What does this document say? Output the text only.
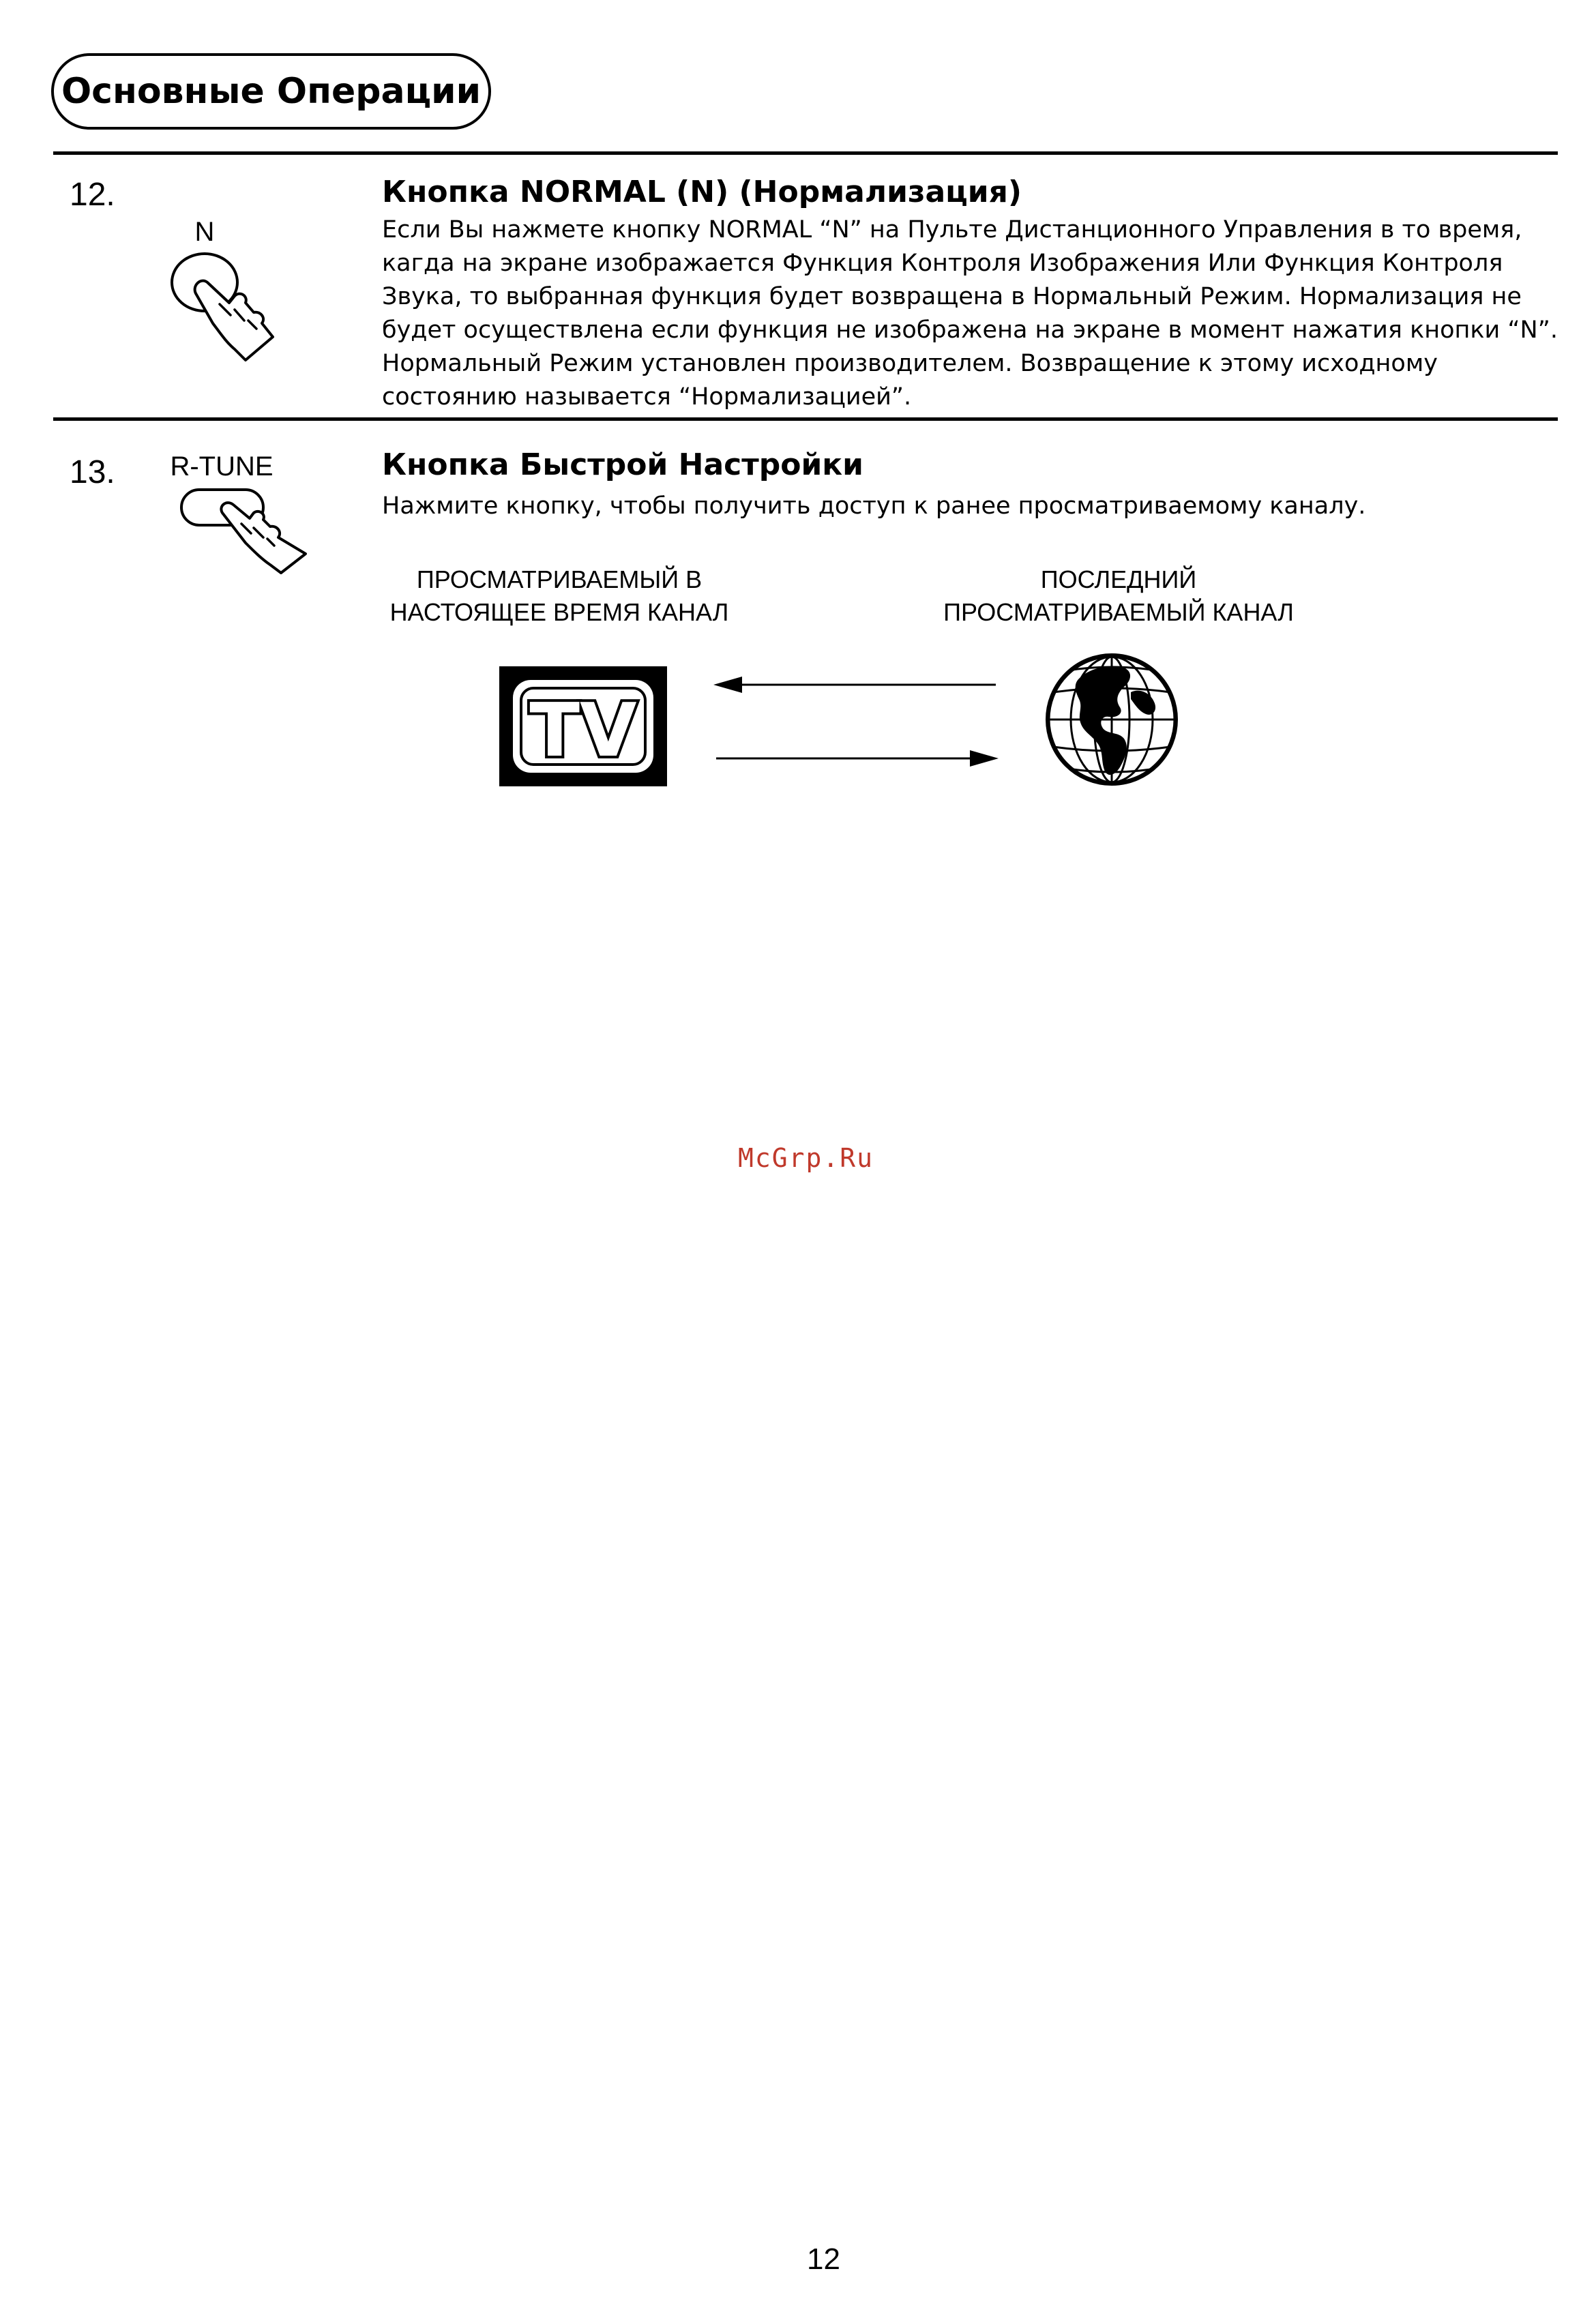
Основные Операции
12.
N
Кнопка NORMAL (N) (Нормализация)
Если Вы нажмете кнопку NORMAL “N” на Пульте Дистанционного Управления в то время, кагда на экране изображается Функция Контроля Изображения Или Функция Контроля Звука, то выбранная функция будет возвращена в Нормальный Режим. Нормализация не будет осуществлена если функция не изображена на экране в момент нажатия кнопки “N”. Нормальный Режим установлен производителем. Возвращение к этому исходному состоянию называется “Нормализацией”.
13. R-TUNE	Кнопка Быстрой Настройки
Нажмите кнопку, чтобы получить доступ к ранее просматриваемому каналу.
ПРОСМАТРИВАЕМЫЙ В
НАСТОЯЩЕЕ ВРЕМЯ КАНАЛ
ПОСЛЕДНИЙ
ПРОСМАТРИВАЕМЫЙ КАНАЛ
TV
McGrp.Ru
12
